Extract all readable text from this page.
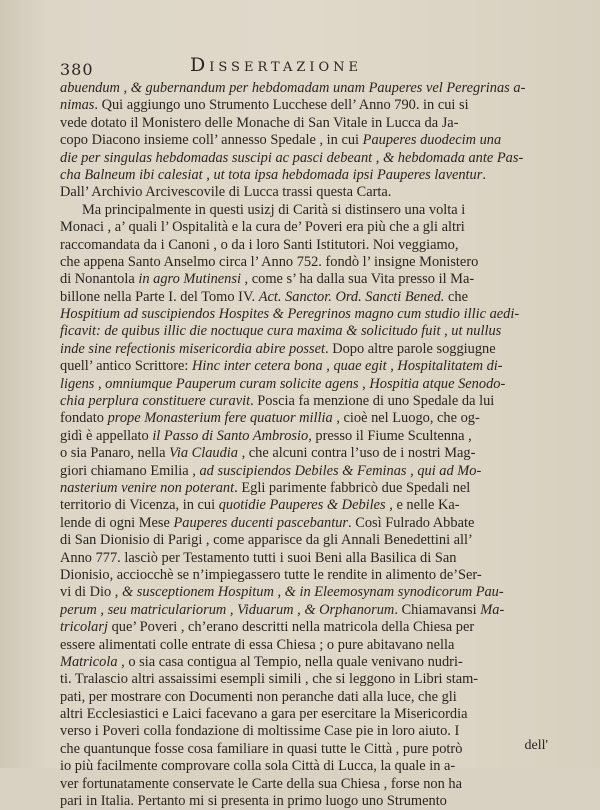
380	Dissertazione
abuendum , & gubernandum per hebdomadam unam Pauperes vel Peregrinas a-
nimas. Qui aggiungo uno Strumento Lucchese dell’ Anno 790. in cui si
vede dotato il Monistero delle Monache di San Vitale in Lucca da Ja-
copo Diacono insieme coll’ annesso Spedale , in cui Pauperes duodecim una
die per singulas hebdomadas suscipi ac pasci debeant , & hebdomada ante Pas-
cha Balneum ibi calesiat , ut tota ipsa hebdomada ipsi Pauperes laventur.
Dall’ Archivio Arcivescovile di Lucca trassi questa Carta.
Ma principalmente in questi usizj di Carità si distinsero una volta i
Monaci , a’ quali l’ Ospitalità e la cura de’ Poveri era più che a gli altri
raccomandata da i Canoni , o da i loro Santi Istitutori. Noi veggiamo,
che appena Santo Anselmo circa l’ Anno 752. fondò l’ insigne Monistero
di Nonantola in agro Mutinensi , come s’ ha dalla sua Vita presso il Ma-
billone nella Parte I. del Tomo IV. Act. Sanctor. Ord. Sancti Bened. che
Hospitium ad suscipiendos Hospites & Peregrinos magno cum studio illic aedi-
ficavit: de quibus illic die noctuque cura maxima & solicitudo fuit , ut nullus
inde sine refectionis misericordia abire posset. Dopo altre parole soggiugne
quell’ antico Scrittore: Hinc inter cetera bona , quae egit , Hospitalitatem di-
ligens , omniumque Pauperum curam solicite agens , Hospitia atque Senodo-
chia perplura constituere curavit. Poscia fa menzione di uno Spedale da lui
fondato prope Monasterium fere quatuor millia , cioè nel Luogo, che og-
gidì è appellato il Passo di Santo Ambrosio, presso il Fiume Scultenna ,
o sia Panaro, nella Via Claudia , che alcuni contra l’uso de i nostri Mag-
giori chiamano Emilia , ad suscipiendos Debiles & Feminas , qui ad Mo-
nasterium venire non poterant. Egli parimente fabbricò due Spedali nel
territorio di Vicenza, in cui quotidie Pauperes & Debiles , e nelle Ka-
lende di ogni Mese Pauperes ducenti pascebantur. Così Fulrado Abbate
di San Dionisio di Parigi , come apparisce da gli Annali Benedettini all’
Anno 777. lasciò per Testamento tutti i suoi Beni alla Basilica di San
Dionisio, acciocchè se n’impiegassero tutte le rendite in alimento de’Ser-
vi di Dio , & susceptionem Hospitum , & in Eleemosynam synodicorum Pau-
perum , seu matriculariorum , Viduarum , & Orphanorum. Chiamavansi Ma-
tricolarj que’ Poveri , ch’erano descritti nella matricola della Chiesa per
essere alimentati colle entrate di essa Chiesa ; o pure abitavano nella
Matricola , o sia casa contigua al Tempio, nella quale venivano nudri-
ti. Tralascio altri assaissimi esempli simili , che si leggono in Libri stam-
pati, per mostrare con Documenti non peranche dati alla luce, che gli
altri Ecclesiastici e Laici facevano a gara per esercitare la Misericordia
verso i Poveri colla fondazione di moltissime Case pie in loro aiuto. I
che quantunque fosse cosa familiare in quasi tutte le Città , pure potrò
io più facilmente comprovare colla sola Città di Lucca, la quale in a-
ver fortunatamente conservate le Carte della sua Chiesa , forse non ha
pari in Italia. Pertanto mi si presenta in primo luogo uno Strumento
dell'
